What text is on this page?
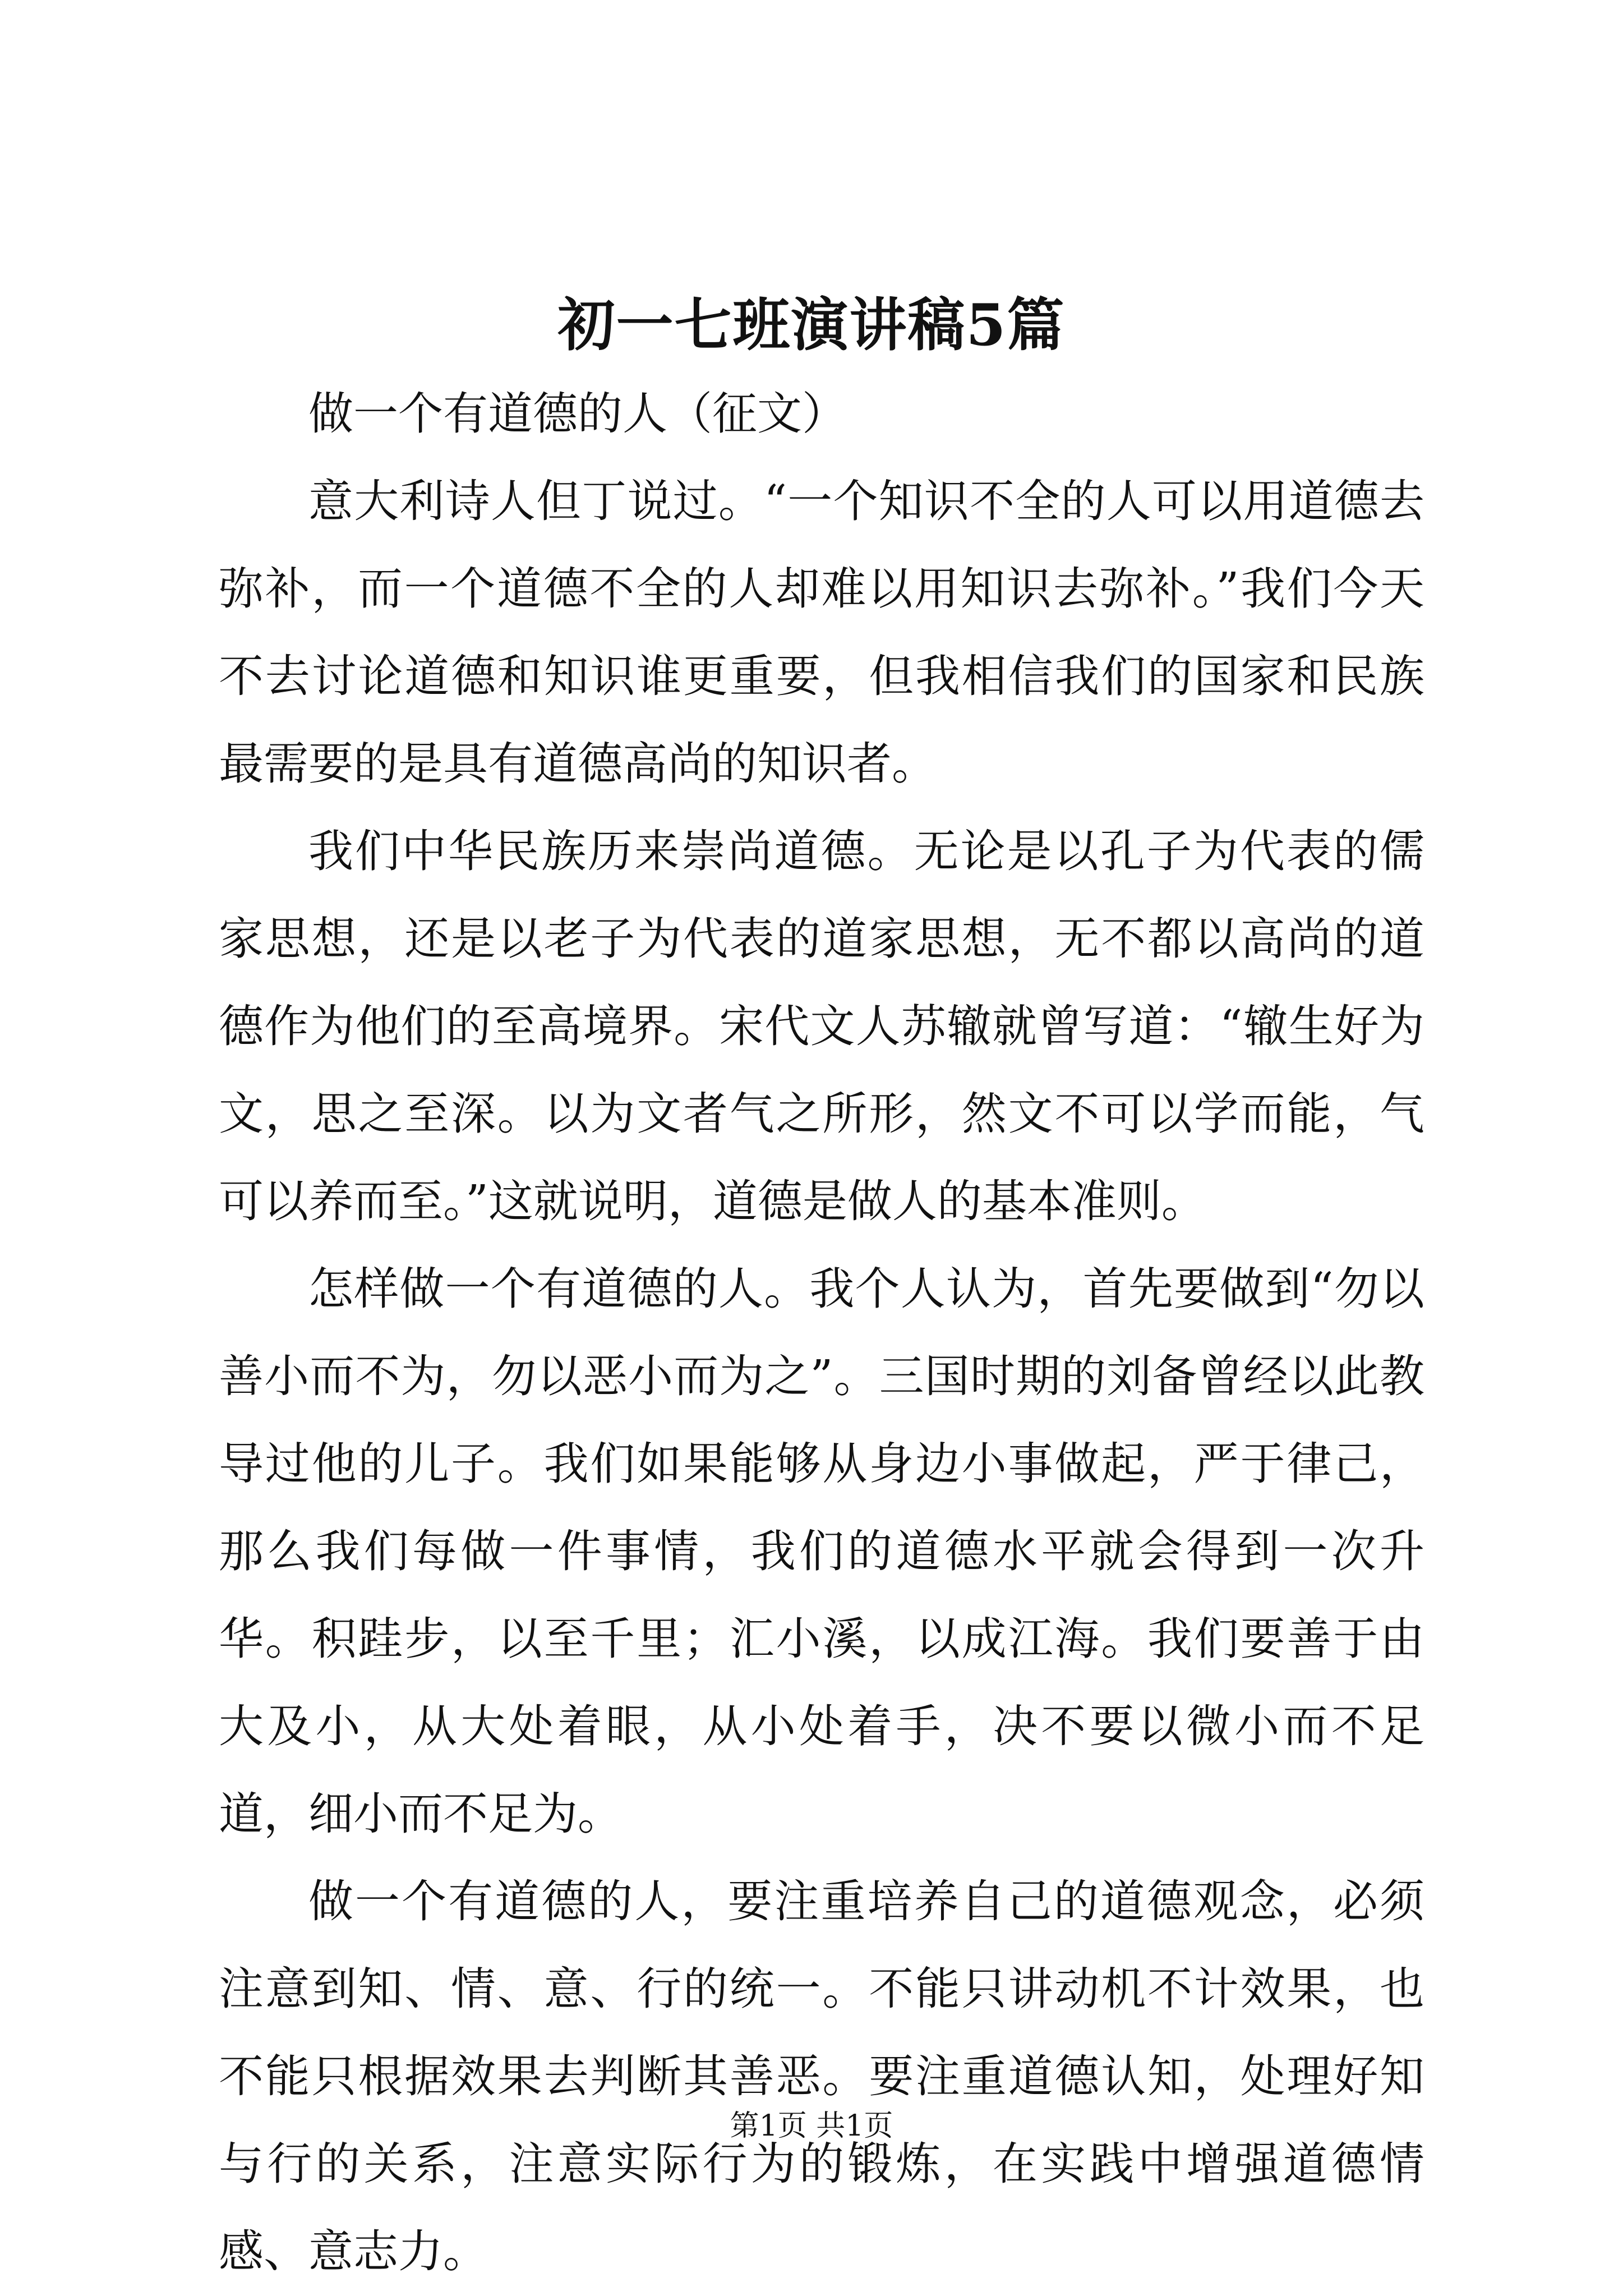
初一七班演讲稿5篇

做一个有道德的人（征文）

意大利诗人但丁说过。“一个知识不全的人可以用道德去弥补，而一个道德不全的人却难以用知识去弥补。”我们今天不去讨论道德和知识谁更重要，但我相信我们的国家和民族最需要的是具有道德高尚的知识者。

我们中华民族历来崇尚道德。无论是以孔子为代表的儒家思想，还是以老子为代表的道家思想，无不都以高尚的道德作为他们的至高境界。宋代文人苏辙就曾写道：“辙生好为文，思之至深。以为文者气之所形，然文不可以学而能，气可以养而至。”这就说明，道德是做人的基本准则。

怎样做一个有道德的人。我个人认为，首先要做到“勿以善小而不为，勿以恶小而为之”。三国时期的刘备曾经以此教导过他的儿子。我们如果能够从身边小事做起，严于律己，那么我们每做一件事情，我们的道德水平就会得到一次升华。积跬步，以至千里；汇小溪，以成江海。我们要善于由大及小，从大处着眼，从小处着手，决不要以微小而不足道，细小而不足为。

做一个有道德的人，要注重培养自己的道德观念，必须注意到知、情、意、行的统一。不能只讲动机不计效果，也不能只根据效果去判断其善恶。要注重道德认知，处理好知与行的关系，注意实际行为的锻炼，在实践中增强道德情感、意志力。

第1页 共1页
